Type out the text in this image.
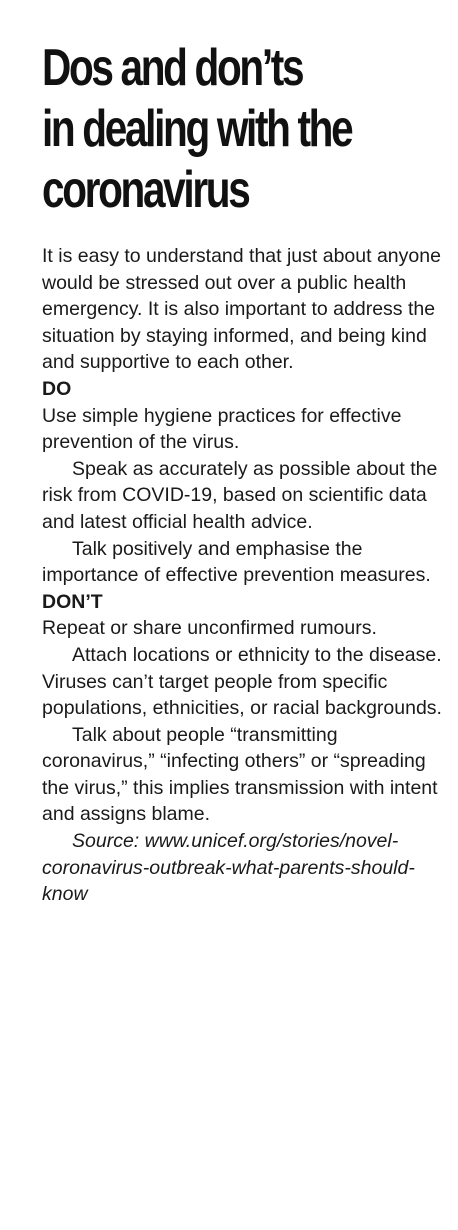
Dos and don’ts
in dealing with the
coronavirus

It is easy to understand that just about anyone would be stressed out over a public health emergency. It is also important to address the situation by staying informed, and being kind and supportive to each other.

DO

Use simple hygiene practices for effective prevention of the virus.

Speak as accurately as possible about the risk from COVID-19, based on scientific data and latest official health advice.

Talk positively and emphasise the importance of effective prevention measures.

DON’T

Repeat or share unconfirmed rumours.

Attach locations or ethnicity to the disease. Viruses can’t target people from specific populations, ethnicities, or racial backgrounds.

Talk about people “transmitting coronavirus,” “infecting others” or “spreading the virus,” this implies transmission with intent and assigns blame.

Source: www.unicef.org/stories/novel-coronavirus-outbreak-what-parents-should-know
